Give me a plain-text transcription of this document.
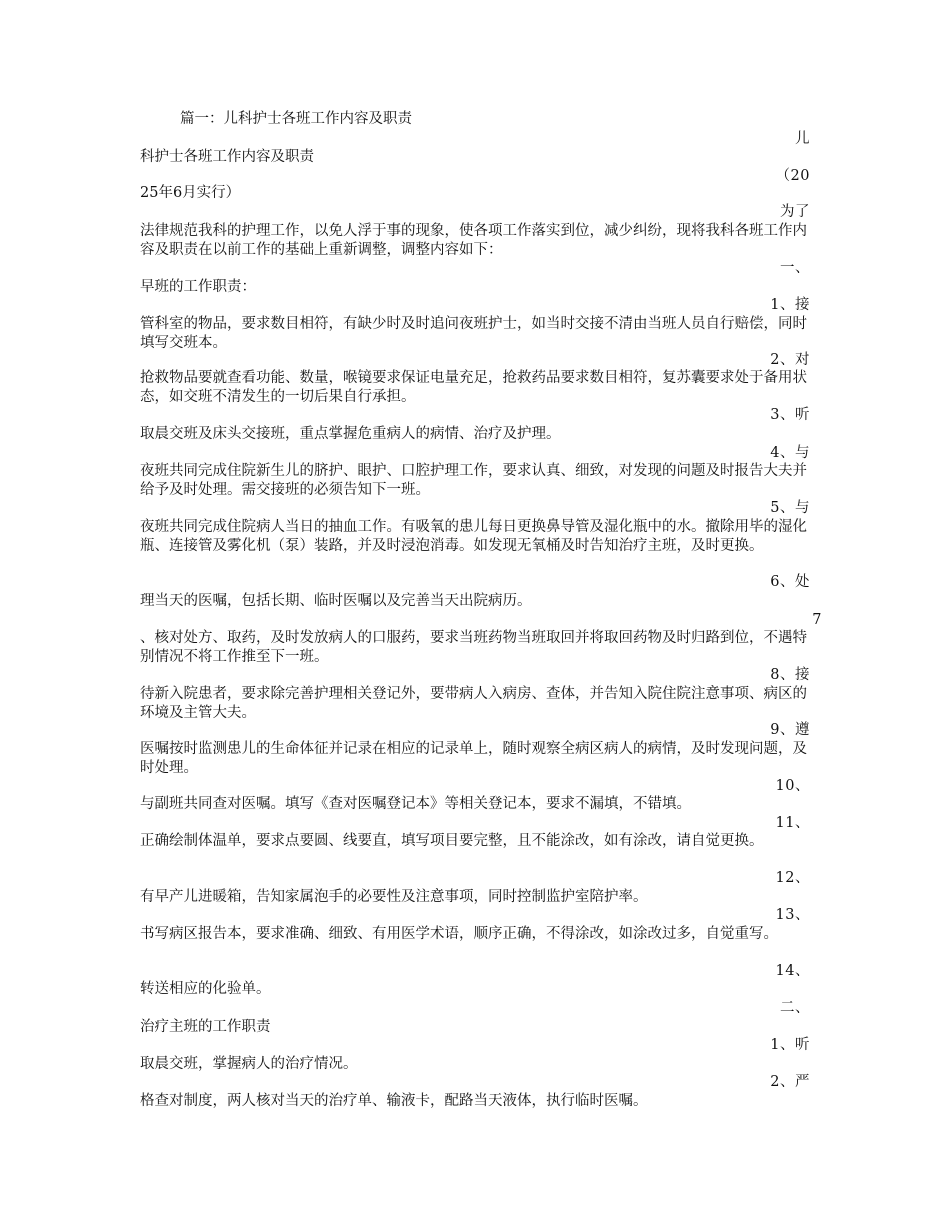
篇一：儿科护士各班工作内容及职责
儿
科护士各班工作内容及职责
（20
25年6月实行）
为了
法律规范我科的护理工作，以免人浮于事的现象，使各项工作落实到位，减少纠纷，现将我科各班工作内容及职责在以前工作的基础上重新调整，调整内容如下：
一、
早班的工作职责：
1、接
管科室的物品，要求数目相符，有缺少时及时追问夜班护士，如当时交接不清由当班人员自行赔偿，同时填写交班本。
2、对
抢救物品要就查看功能、数量，喉镜要求保证电量充足，抢救药品要求数目相符，复苏囊要求处于备用状态，如交班不清发生的一切后果自行承担。
3、听
取晨交班及床头交接班，重点掌握危重病人的病情、治疗及护理。
4、与
夜班共同完成住院新生儿的脐护、眼护、口腔护理工作，要求认真、细致，对发现的问题及时报告大夫并给予及时处理。需交接班的必须告知下一班。
5、与
夜班共同完成住院病人当日的抽血工作。有吸氧的患儿每日更换鼻导管及湿化瓶中的水。撤除用毕的湿化瓶、连接管及雾化机（泵）装路，并及时浸泡消毒。如发现无氧桶及时告知治疗主班，及时更换。
6、处
理当天的医嘱，包括长期、临时医嘱以及完善当天出院病历。
7
、核对处方、取药，及时发放病人的口服药，要求当班药物当班取回并将取回药物及时归路到位，不遇特别情况不将工作推至下一班。
8、接
待新入院患者，要求除完善护理相关登记外，要带病人入病房、查体，并告知入院住院注意事项、病区的环境及主管大夫。
9、遵
医嘱按时监测患儿的生命体征并记录在相应的记录单上，随时观察全病区病人的病情，及时发现问题，及时处理。
10、
与副班共同查对医嘱。填写《查对医嘱登记本》等相关登记本，要求不漏填，不错填。
11、
正确绘制体温单，要求点要圆、线要直，填写项目要完整，且不能涂改，如有涂改，请自觉更换。
12、
有早产儿进暖箱，告知家属泡手的必要性及注意事项，同时控制监护室陪护率。
13、
书写病区报告本，要求准确、细致、有用医学术语，顺序正确，不得涂改，如涂改过多，自觉重写。
14、
转送相应的化验单。
二、
治疗主班的工作职责
1、听
取晨交班，掌握病人的治疗情况。
2、严
格查对制度，两人核对当天的治疗单、输液卡，配路当天液体，执行临时医嘱。
